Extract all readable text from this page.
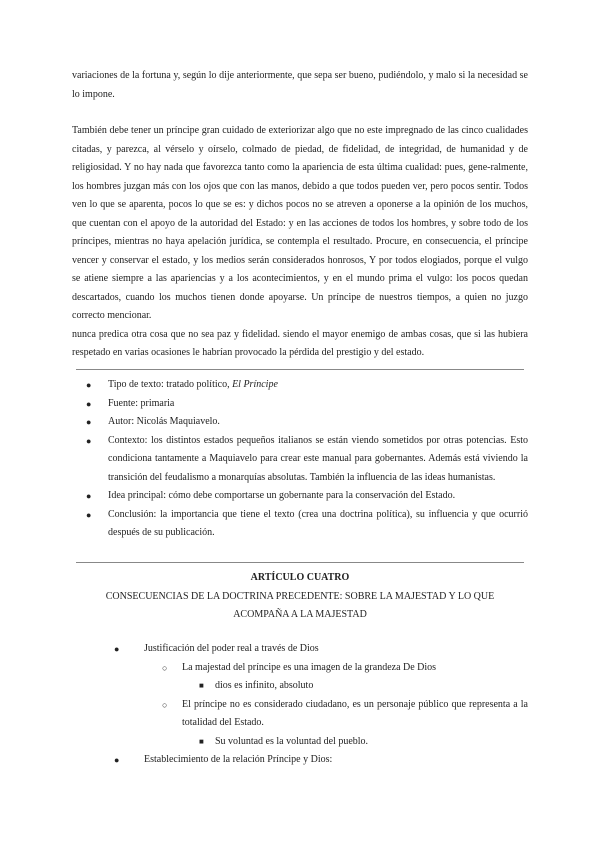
variaciones de la fortuna y, según lo dije anteriormente, que sepa ser bueno, pudiéndolo, y malo si la necesidad se lo impone.

También debe tener un príncipe gran cuidado de exteriorizar algo que no este impregnado de las cinco cualidades citadas, y parezca, al vérselo y oírselo, colmado de piedad, de fidelidad, de integridad, de humanidad y de religiosidad. Y no hay nada que favorezca tanto como la apariencia de esta última cualidad: pues, gene-ralmente, los hombres juzgan más con los ojos que con las manos, debido a que todos pueden ver, pero pocos sentir. Todos ven lo que se aparenta, pocos lo que se es: y dichos pocos no se atreven a oponerse a la opinión de los muchos, que cuentan con el apoyo de la autoridad del Estado: y en las acciones de todos los hombres, y sobre todo de los príncipes, mientras no haya apelación jurídica, se contempla el resultado. Procure, en consecuencia, el príncipe vencer y conservar el estado, y los medios serán considerados honrosos, Y por todos elogiados, porque el vulgo se atiene siempre a las apariencias y a los acontecimientos, y en el mundo prima el vulgo: los pocos quedan descartados, cuando los muchos tienen donde apoyarse. Un príncipe de nuestros tiempos, a quien no juzgo correcto mencionar.

nunca predica otra cosa que no sea paz y fidelidad. siendo el mayor enemigo de ambas cosas, que si las hubiera respetado en varias ocasiones le habrían provocado la pérdida del prestigio y del estado.

● Tipo de texto: tratado político, El Príncipe
● Fuente: primaria
● Autor: Nicolás Maquiavelo.
● Contexto: los distintos estados pequeños italianos se están viendo sometidos por otras potencias. Esto condiciona tantamente a Maquiavelo para crear este manual para gobernantes. Además está viviendo la transición del feudalismo a monarquías absolutas. También la influencia de las ideas humanistas.
● Idea principal: cómo debe comportarse un gobernante para la conservación del Estado.
● Conclusión: la importancia que tiene el texto (crea una doctrina política), su influencia y que ocurrió después de su publicación.
ARTÍCULO CUATRO
CONSECUENCIAS DE LA DOCTRINA PRECEDENTE: SOBRE LA MAJESTAD Y LO QUE
ACOMPAÑA A LA MAJESTAD
● Justificación del poder real a través de Dios
○ La majestad del príncipe es una imagen de la grandeza De Dios
■ dios es infinito, absoluto
○ El príncipe no es considerado ciudadano, es un personaje público que representa a la totalidad del Estado.
■ Su voluntad es la voluntad del pueblo.
● Establecimiento de la relación Príncipe y Dios:
